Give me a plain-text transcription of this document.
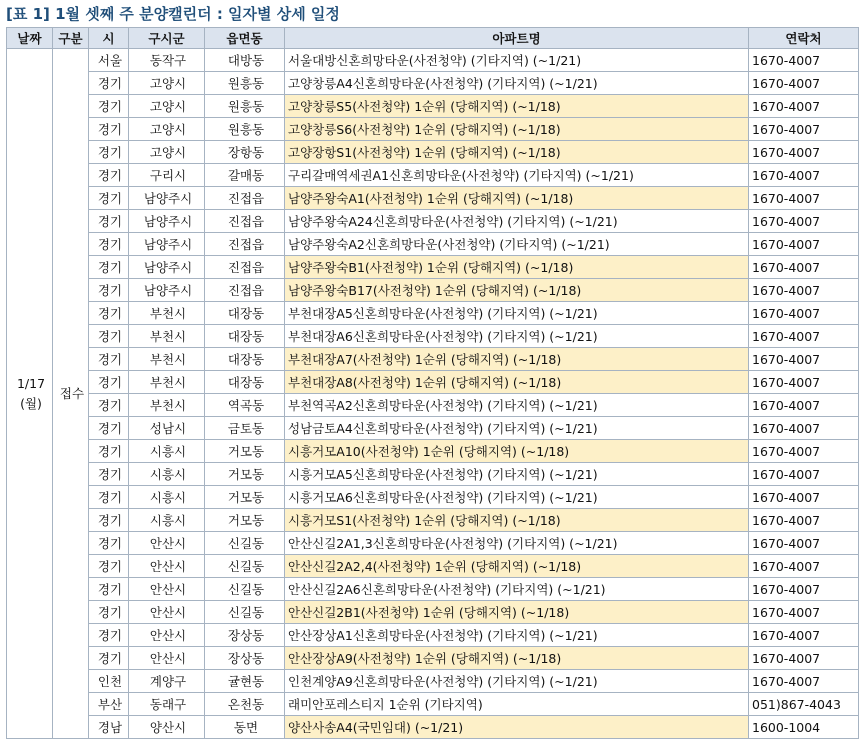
[표 1] 1월 셋째 주 분양캘린더 : 일자별 상세 일정
날짜	구분	시	구시군	읍면동	아파트명	연락처

1/17
(월)	접수	서울	동작구	대방동	서울대방신혼희망타운(사전청약) (기타지역) (~1/21)	1670-4007
		경기	고양시	원흥동	고양창릉A4신혼희망타운(사전청약) (기타지역) (~1/21)	1670-4007
		경기	고양시	원흥동	고양창릉S5(사전청약) 1순위 (당해지역) (~1/18)	1670-4007
		경기	고양시	원흥동	고양창릉S6(사전청약) 1순위 (당해지역) (~1/18)	1670-4007
		경기	고양시	장항동	고양장항S1(사전청약) 1순위 (당해지역) (~1/18)	1670-4007
		경기	구리시	갈매동	구리갈매역세권A1신혼희망타운(사전청약) (기타지역) (~1/21)	1670-4007
		경기	남양주시	진접읍	남양주왕숙A1(사전청약) 1순위 (당해지역) (~1/18)	1670-4007
		경기	남양주시	진접읍	남양주왕숙A24신혼희망타운(사전청약) (기타지역) (~1/21)	1670-4007
		경기	남양주시	진접읍	남양주왕숙A2신혼희망타운(사전청약) (기타지역) (~1/21)	1670-4007
		경기	남양주시	진접읍	남양주왕숙B1(사전청약) 1순위 (당해지역) (~1/18)	1670-4007
		경기	남양주시	진접읍	남양주왕숙B17(사전청약) 1순위 (당해지역) (~1/18)	1670-4007
		경기	부천시	대장동	부천대장A5신혼희망타운(사전청약) (기타지역) (~1/21)	1670-4007
		경기	부천시	대장동	부천대장A6신혼희망타운(사전청약) (기타지역) (~1/21)	1670-4007
		경기	부천시	대장동	부천대장A7(사전청약) 1순위 (당해지역) (~1/18)	1670-4007
		경기	부천시	대장동	부천대장A8(사전청약) 1순위 (당해지역) (~1/18)	1670-4007
		경기	부천시	역곡동	부천역곡A2신혼희망타운(사전청약) (기타지역) (~1/21)	1670-4007
		경기	성남시	금토동	성남금토A4신혼희망타운(사전청약) (기타지역) (~1/21)	1670-4007
		경기	시흥시	거모동	시흥거모A10(사전청약) 1순위 (당해지역) (~1/18)	1670-4007
		경기	시흥시	거모동	시흥거모A5신혼희망타운(사전청약) (기타지역) (~1/21)	1670-4007
		경기	시흥시	거모동	시흥거모A6신혼희망타운(사전청약) (기타지역) (~1/21)	1670-4007
		경기	시흥시	거모동	시흥거모S1(사전청약) 1순위 (당해지역) (~1/18)	1670-4007
		경기	안산시	신길동	안산신길2A1,3신혼희망타운(사전청약) (기타지역) (~1/21)	1670-4007
		경기	안산시	신길동	안산신길2A2,4(사전청약) 1순위 (당해지역) (~1/18)	1670-4007
		경기	안산시	신길동	안산신길2A6신혼희망타운(사전청약) (기타지역) (~1/21)	1670-4007
		경기	안산시	신길동	안산신길2B1(사전청약) 1순위 (당해지역) (~1/18)	1670-4007
		경기	안산시	장상동	안산장상A1신혼희망타운(사전청약) (기타지역) (~1/21)	1670-4007
		경기	안산시	장상동	안산장상A9(사전청약) 1순위 (당해지역) (~1/18)	1670-4007
		인천	계양구	귤현동	인천계양A9신혼희망타운(사전청약) (기타지역) (~1/21)	1670-4007
		부산	동래구	온천동	래미안포레스티지 1순위 (기타지역)	051)867-4043
		경남	양산시	동면	양산사송A4(국민임대) (~1/21)	1600-1004
